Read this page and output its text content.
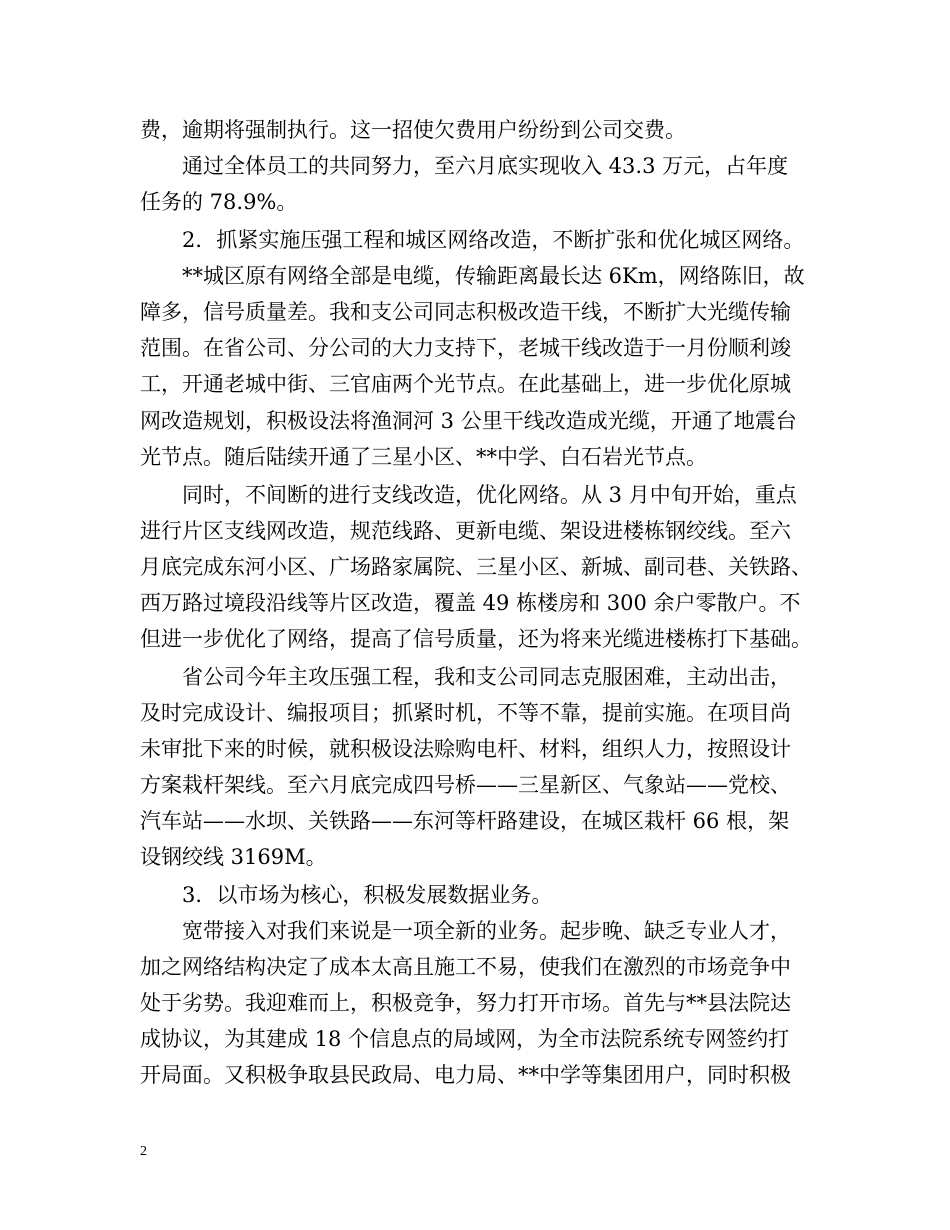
费，逾期将强制执行。这一招使欠费用户纷纷到公司交费。
通过全体员工的共同努力，至六月底实现收入 43.3 万元，占年度
任务的 78.9%。
2．抓紧实施压强工程和城区网络改造，不断扩张和优化城区网络。
**城区原有网络全部是电缆，传输距离最长达 6Km，网络陈旧，故
障多，信号质量差。我和支公司同志积极改造干线，不断扩大光缆传输
范围。在省公司、分公司的大力支持下，老城干线改造于一月份顺利竣
工，开通老城中街、三官庙两个光节点。在此基础上，进一步优化原城
网改造规划，积极设法将渔洞河 3 公里干线改造成光缆，开通了地震台
光节点。随后陆续开通了三星小区、**中学、白石岩光节点。
同时，不间断的进行支线改造，优化网络。从 3 月中旬开始，重点
进行片区支线网改造，规范线路、更新电缆、架设进楼栋钢绞线。至六
月底完成东河小区、广场路家属院、三星小区、新城、副司巷、关铁路、
西万路过境段沿线等片区改造，覆盖 49 栋楼房和 300 余户零散户。不
但进一步优化了网络，提高了信号质量，还为将来光缆进楼栋打下基础。
省公司今年主攻压强工程，我和支公司同志克服困难，主动出击，
及时完成设计、编报项目；抓紧时机，不等不靠，提前实施。在项目尚
未审批下来的时候，就积极设法赊购电杆、材料，组织人力，按照设计
方案栽杆架线。至六月底完成四号桥——三星新区、气象站——党校、
汽车站——水坝、关铁路——东河等杆路建设，在城区栽杆 66 根，架
设钢绞线 3169M。
3．以市场为核心，积极发展数据业务。
宽带接入对我们来说是一项全新的业务。起步晚、缺乏专业人才，
加之网络结构决定了成本太高且施工不易，使我们在激烈的市场竞争中
处于劣势。我迎难而上，积极竞争，努力打开市场。首先与**县法院达
成协议，为其建成 18 个信息点的局域网，为全市法院系统专网签约打
开局面。又积极争取县民政局、电力局、**中学等集团用户，同时积极
2
